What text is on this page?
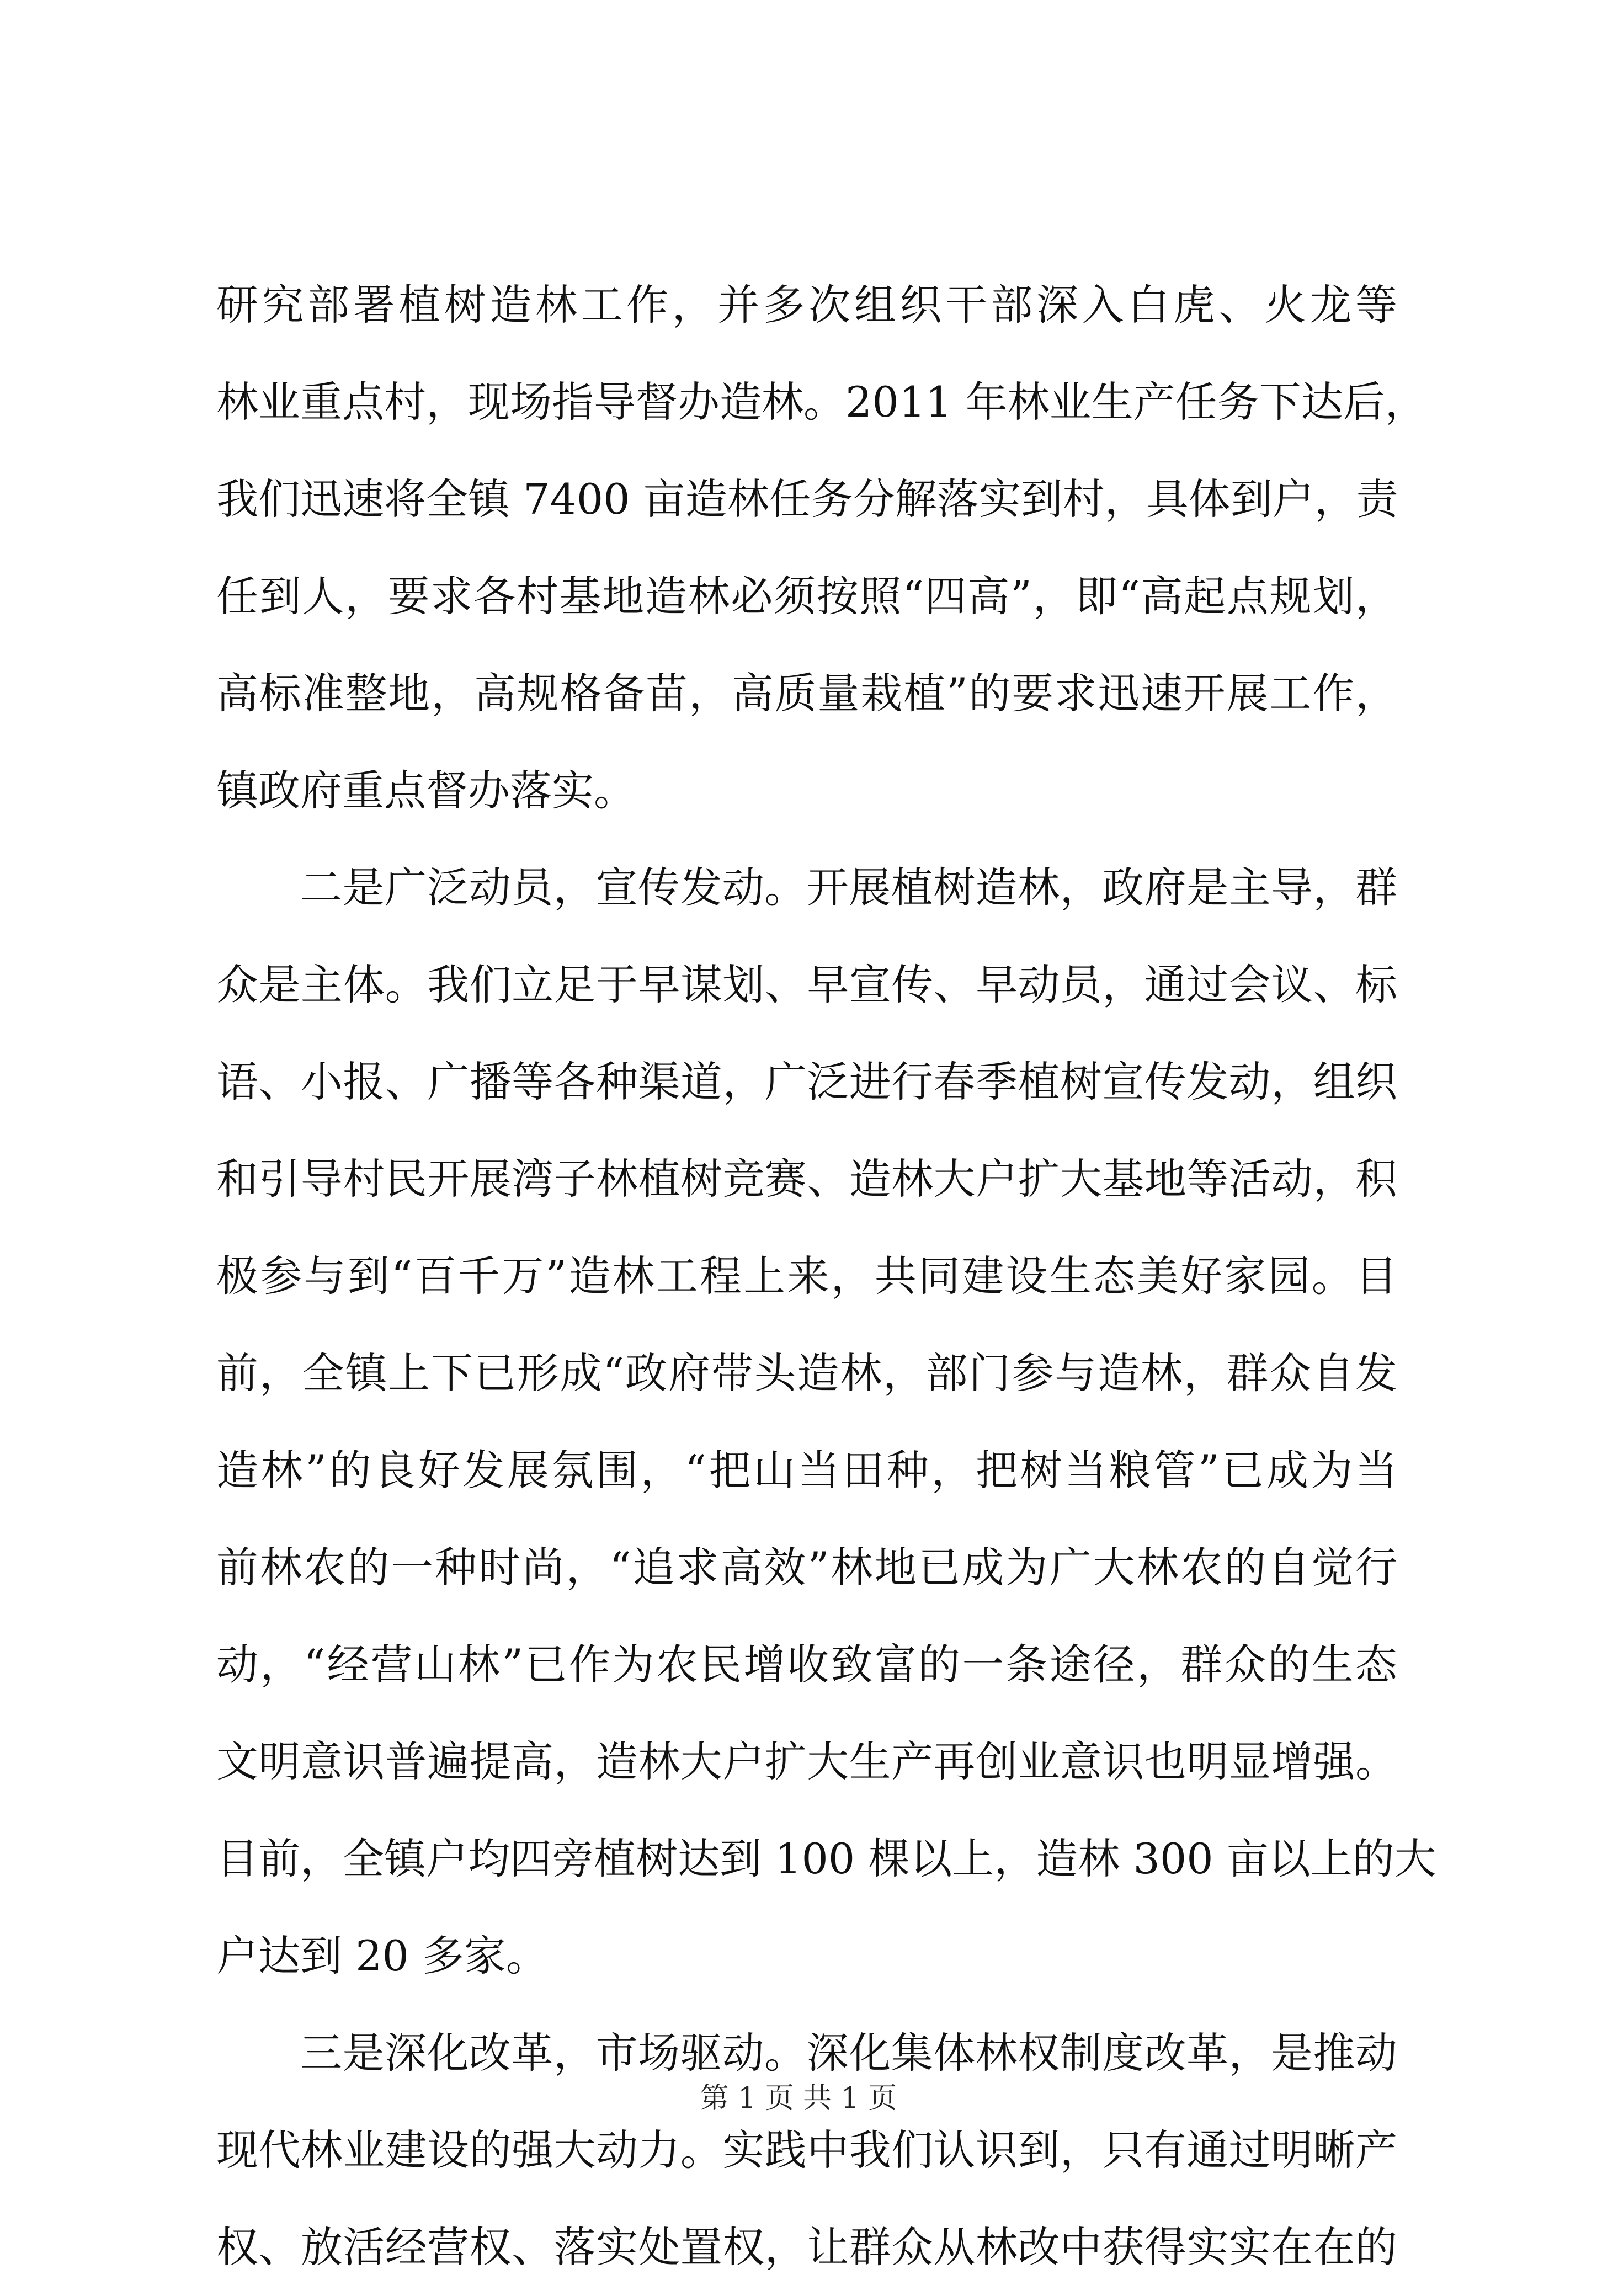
研究部署植树造林工作，并多次组织干部深入白虎、火龙等
林业重点村，现场指导督办造林。2011 年林业生产任务下达后，
我们迅速将全镇 7400 亩造林任务分解落实到村，具体到户，责
任到人，要求各村基地造林必须按照“四高”，即“高起点规划，
高标准整地，高规格备苗，高质量栽植”的要求迅速开展工作，
镇政府重点督办落实。
二是广泛动员，宣传发动。开展植树造林，政府是主导，群
众是主体。我们立足于早谋划、早宣传、早动员，通过会议、标
语、小报、广播等各种渠道，广泛进行春季植树宣传发动，组织
和引导村民开展湾子林植树竞赛、造林大户扩大基地等活动，积
极参与到“百千万”造林工程上来，共同建设生态美好家园。目
前，全镇上下已形成“政府带头造林，部门参与造林，群众自发
造林”的良好发展氛围，“把山当田种，把树当粮管”已成为当
前林农的一种时尚，“追求高效”林地已成为广大林农的自觉行
动，“经营山林”已作为农民增收致富的一条途径，群众的生态
文明意识普遍提高，造林大户扩大生产再创业意识也明显增强。
目前，全镇户均四旁植树达到 100 棵以上，造林 300 亩以上的大
户达到 20 多家。
三是深化改革，市场驱动。深化集体林权制度改革，是推动
现代林业建设的强大动力。实践中我们认识到，只有通过明晰产
权、放活经营权、落实处置权，让群众从林改中获得实实在在的
第 1 页 共 1 页
